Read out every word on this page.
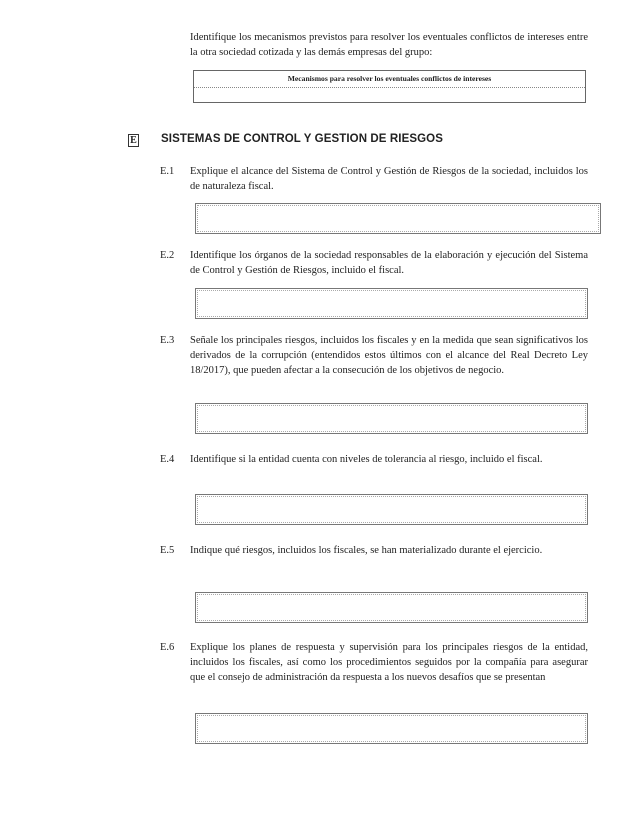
Identifique los mecanismos previstos para resolver los eventuales conflictos de intereses entre la otra sociedad cotizada y las demás empresas del grupo:
Mecanismos para resolver los eventuales conflictos de intereses
E SISTEMAS DE CONTROL Y GESTION DE RIESGOS
E.1 Explique el alcance del Sistema de Control y Gestión de Riesgos de la sociedad, incluidos los de naturaleza fiscal.
E.2 Identifique los órganos de la sociedad responsables de la elaboración y ejecución del Sistema de Control y Gestión de Riesgos, incluido el fiscal.
E.3 Señale los principales riesgos, incluidos los fiscales y en la medida que sean significativos los derivados de la corrupción (entendidos estos últimos con el alcance del Real Decreto Ley 18/2017), que pueden afectar a la consecución de los objetivos de negocio.
E.4 Identifique si la entidad cuenta con niveles de tolerancia al riesgo, incluido el fiscal.
E.5 Indique qué riesgos, incluidos los fiscales, se han materializado durante el ejercicio.
E.6 Explique los planes de respuesta y supervisión para los principales riesgos de la entidad, incluidos los fiscales, así como los procedimientos seguidos por la compañía para asegurar que el consejo de administración da respuesta a los nuevos desafíos que se presentan
